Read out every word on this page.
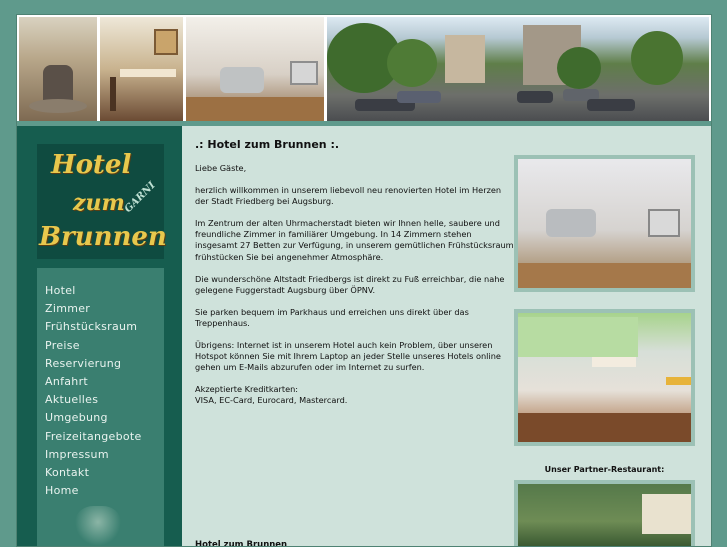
Hotel
zum
GARNI
Brunnen
Hotel
Zimmer
Frühstücksraum
Preise
Reservierung
Anfahrt
Aktuelles
Umgebung
Freizeitangebote
Impressum
Kontakt
Home
.: Hotel zum Brunnen :.

Liebe Gäste,

herzlich willkommen in unserem liebevoll neu renovierten Hotel im Herzen der Stadt Friedberg bei Augsburg.

Im Zentrum der alten Uhrmacherstadt bieten wir Ihnen helle, saubere und freundliche Zimmer in familiärer Umgebung. In 14 Zimmern stehen insgesamt 27 Betten zur Verfügung, in unserem gemütlichen Frühstücksraum frühstücken Sie bei angenehmer Atmosphäre.

Die wunderschöne Altstadt Friedbergs ist direkt zu Fuß erreichbar, die nahe gelegene Fuggerstadt Augsburg über ÖPNV.

Sie parken bequem im Parkhaus und erreichen uns direkt über das Treppenhaus.

Übrigens: Internet ist in unserem Hotel auch kein Problem, über unseren Hotspot können Sie mit Ihrem Laptop an jeder Stelle unseres Hotels online gehen um E-Mails abzurufen oder im Internet zu surfen.

Akzeptierte Kreditkarten:

VISA, EC-Card, Eurocard, Mastercard.

Hotel zum Brunnen
Unser Partner-Restaurant:
